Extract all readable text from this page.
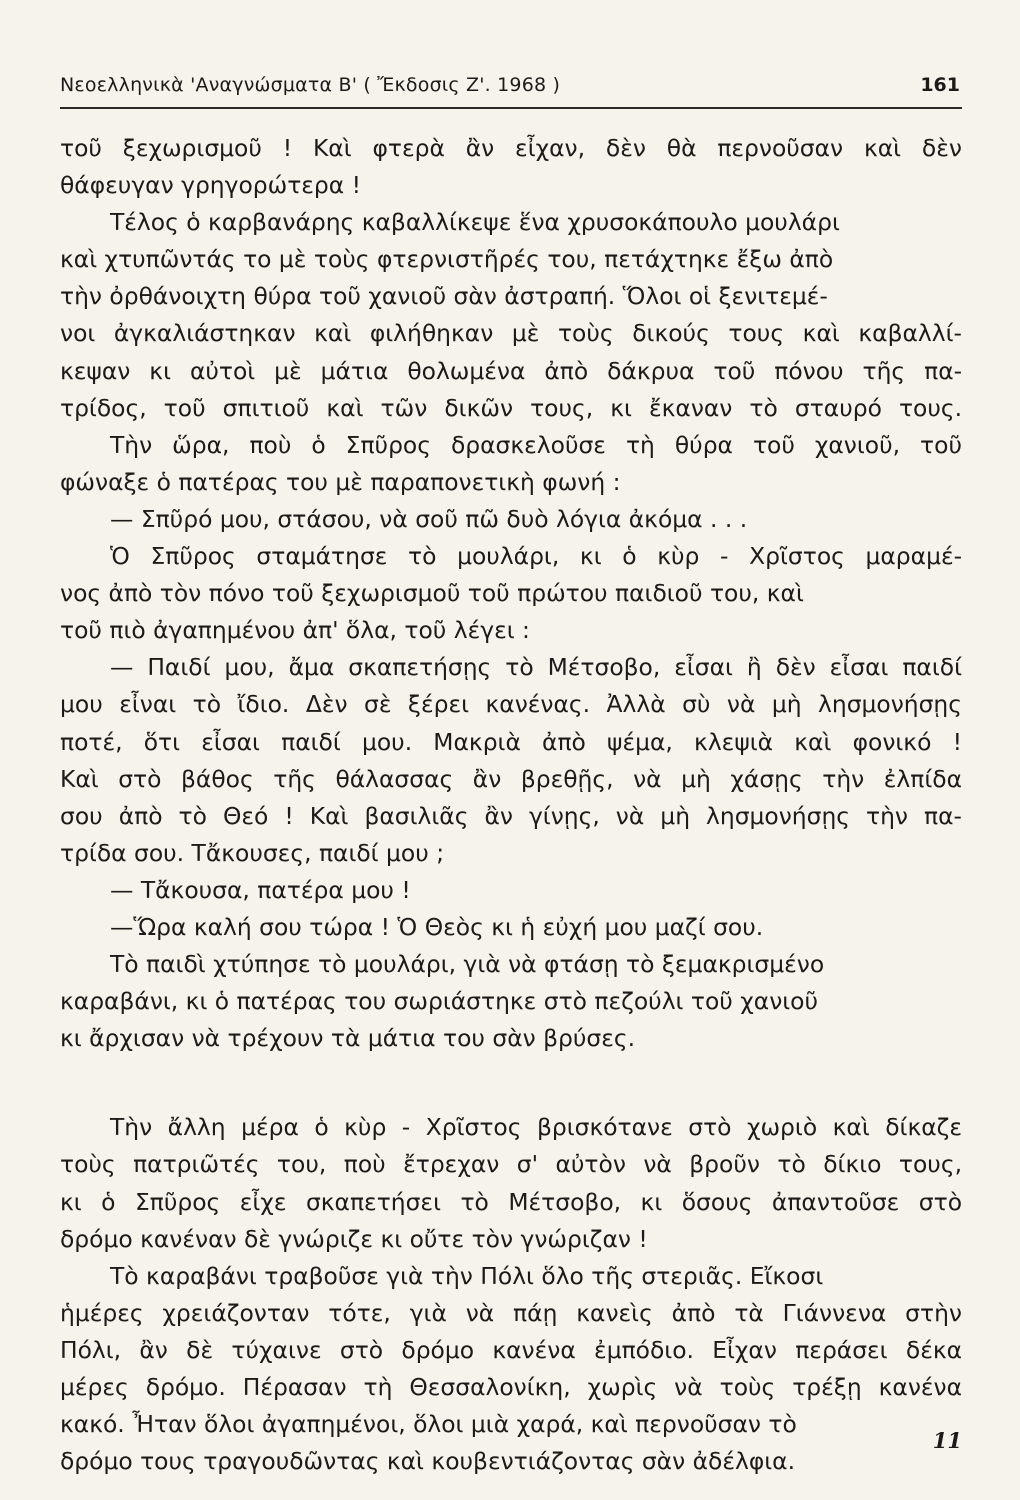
Νεοελληνικὰ 'Αναγνώσματα Β' ( Ἔκδοσις Ζ'. 1968 )	161
τοῦ ξεχωρισμοῦ ! Καὶ φτερὰ ἂν εἶχαν, δὲν θὰ περνοῦσαν καὶ δὲν
θάφευγαν γρηγορώτερα !
Τέλος ὁ καρβανάρης καβαλλίκεψε ἕνα χρυσοκάπουλο μουλάρι
καὶ χτυπῶντάς το μὲ τοὺς φτερνιστῆρές του, πετάχτηκε ἔξω ἀπὸ
τὴν ὀρθάνοιχτη θύρα τοῦ χανιοῦ σὰν ἀστραπή. Ὅλοι οἱ ξενιτεμέ-
νοι ἀγκαλιάστηκαν καὶ φιλήθηκαν μὲ τοὺς δικούς τους καὶ καβαλλί-
κεψαν κι αὐτοὶ μὲ μάτια θολωμένα ἀπὸ δάκρυα τοῦ πόνου τῆς πα-
τρίδος, τοῦ σπιτιοῦ καὶ τῶν δικῶν τους, κι ἔκαναν τὸ σταυρό τους.
Τὴν ὥρα, ποὺ ὁ Σπῦρος δρασκελοῦσε τὴ θύρα τοῦ χανιοῦ, τοῦ
φώναξε ὁ πατέρας του μὲ παραπονετικὴ φωνή :
— Σπῦρό μου, στάσου, νὰ σοῦ πῶ δυὸ λόγια ἀκόμα . . .
Ὁ Σπῦρος σταμάτησε τὸ μουλάρι, κι ὁ κὺρ - Χρῖστος μαραμέ-
νος ἀπὸ τὸν πόνο τοῦ ξεχωρισμοῦ τοῦ πρώτου παιδιοῦ του, καὶ
τοῦ πιὸ ἀγαπημένου ἀπ' ὅλα, τοῦ λέγει :
— Παιδί μου, ἄμα σκαπετήσῃς τὸ Μέτσοβο, εἶσαι ἢ δὲν εἶσαι παιδί
μου εἶναι τὸ ἴδιο. Δὲν σὲ ξέρει κανένας. Ἀλλὰ σὺ νὰ μὴ λησμονήσῃς
ποτέ, ὅτι εἶσαι παιδί μου. Μακριὰ ἀπὸ ψέμα, κλεψιὰ καὶ φονικό !
Καὶ στὸ βάθος τῆς θάλασσας ἂν βρεθῇς, νὰ μὴ χάσῃς τὴν ἐλπίδα
σου ἀπὸ τὸ Θεό ! Καὶ βασιλιᾶς ἂν γίνῃς, νὰ μὴ λησμονήσῃς τὴν πα-
τρίδα σου. Τἄκουσες, παιδί μου ;
— Τἄκουσα, πατέρα μου !
—Ὥρα καλή σου τώρα ! Ὁ Θεὸς κι ἡ εὐχή μου μαζί σου.
Τὸ παιδὶ χτύπησε τὸ μουλάρι, γιὰ νὰ φτάσῃ τὸ ξεμακρισμένο
καραβάνι, κι ὁ πατέρας του σωριάστηκε στὸ πεζούλι τοῦ χανιοῦ
κι ἄρχισαν νὰ τρέχουν τὰ μάτια του σὰν βρύσες.
Τὴν ἄλλη μέρα ὁ κὺρ - Χρῖστος βρισκότανε στὸ χωριὸ καὶ δίκαζε
τοὺς πατριῶτές του, ποὺ ἔτρεχαν σ' αὐτὸν νὰ βροῦν τὸ δίκιο τους,
κι ὁ Σπῦρος εἶχε σκαπετήσει τὸ Μέτσοβο, κι ὅσους ἀπαντοῦσε στὸ
δρόμο κανέναν δὲ γνώριζε κι οὔτε τὸν γνώριζαν !
Τὸ καραβάνι τραβοῦσε γιὰ τὴν Πόλι ὅλο τῆς στεριᾶς. Εἴκοσι
ἡμέρες χρειάζονταν τότε, γιὰ νὰ πάῃ κανεὶς ἀπὸ τὰ Γιάννενα στὴν
Πόλι, ἂν δὲ τύχαινε στὸ δρόμο κανένα ἐμπόδιο. Εἶχαν περάσει δέκα
μέρες δρόμο. Πέρασαν τὴ Θεσσαλονίκη, χωρὶς νὰ τοὺς τρέξῃ κανένα
κακό. Ἦταν ὅλοι ἀγαπημένοι, ὅλοι μιὰ χαρά, καὶ περνοῦσαν τὸ
δρόμο τους τραγουδῶντας καὶ κουβεντιάζοντας σὰν ἀδέλφια.
11
